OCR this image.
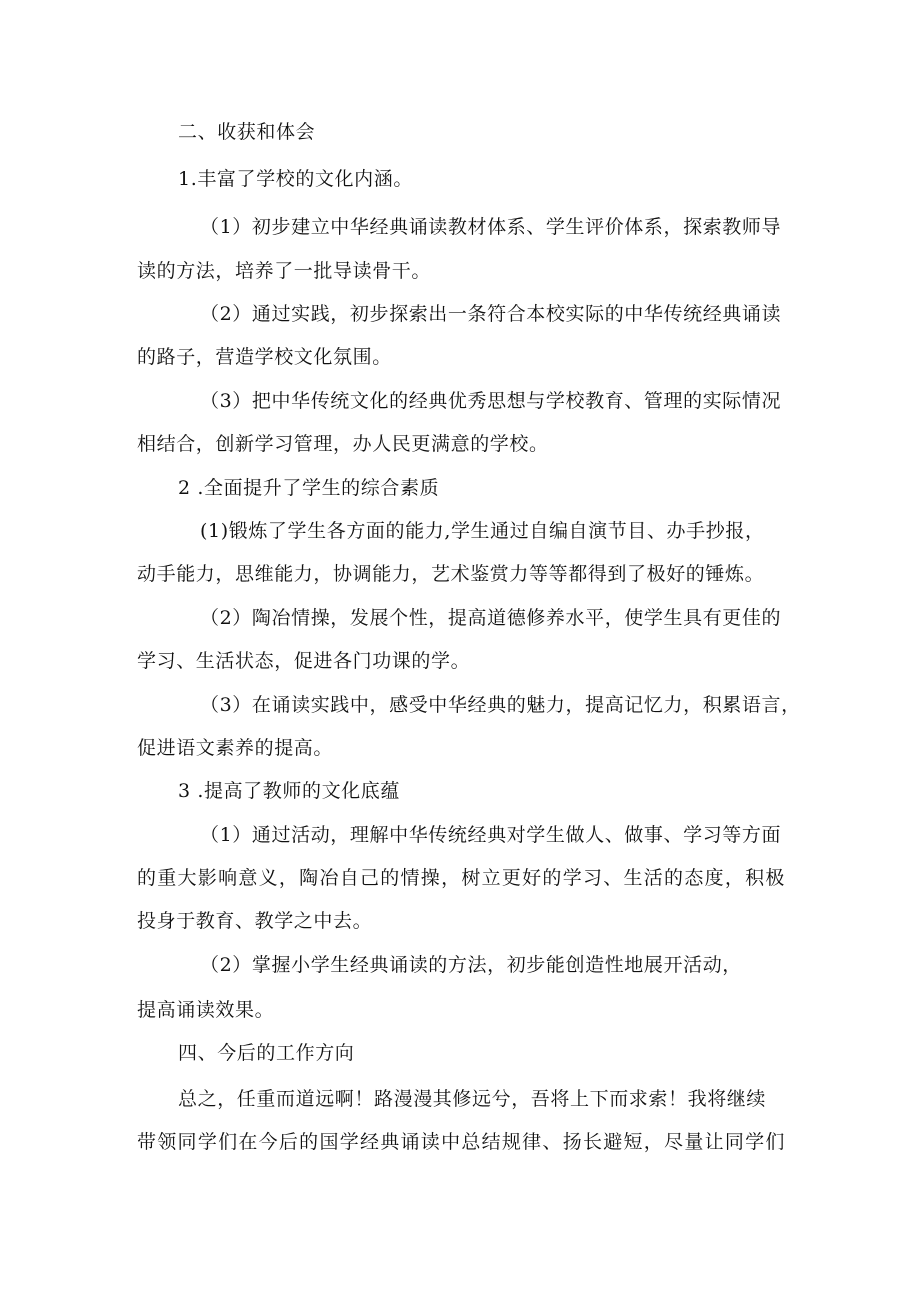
二、收获和体会
1.丰富了学校的文化内涵。
（1）初步建立中华经典诵读教材体系、学生评价体系，探索教师导
读的方法，培养了一批导读骨干。
（2）通过实践，初步探索出一条符合本校实际的中华传统经典诵读
的路子，营造学校文化氛围。
（3）把中华传统文化的经典优秀思想与学校教育、管理的实际情况
相结合，创新学习管理，办人民更满意的学校。
2 .全面提升了学生的综合素质
(1)锻炼了学生各方面的能力,学生通过自编自演节目、办手抄报，
动手能力，思维能力，协调能力，艺术鉴赏力等等都得到了极好的锤炼。
（2）陶冶情操，发展个性，提高道德修养水平，使学生具有更佳的
学习、生活状态，促进各门功课的学。
（3）在诵读实践中，感受中华经典的魅力，提高记忆力，积累语言，
促进语文素养的提高。
3 .提高了教师的文化底蕴
（1）通过活动，理解中华传统经典对学生做人、做事、学习等方面
的重大影响意义，陶冶自己的情操，树立更好的学习、生活的态度，积极
投身于教育、教学之中去。
（2）掌握小学生经典诵读的方法，初步能创造性地展开活动，
提高诵读效果。
四、今后的工作方向
总之，任重而道远啊！路漫漫其修远兮，吾将上下而求索！我将继续
带领同学们在今后的国学经典诵读中总结规律、扬长避短，尽量让同学们
